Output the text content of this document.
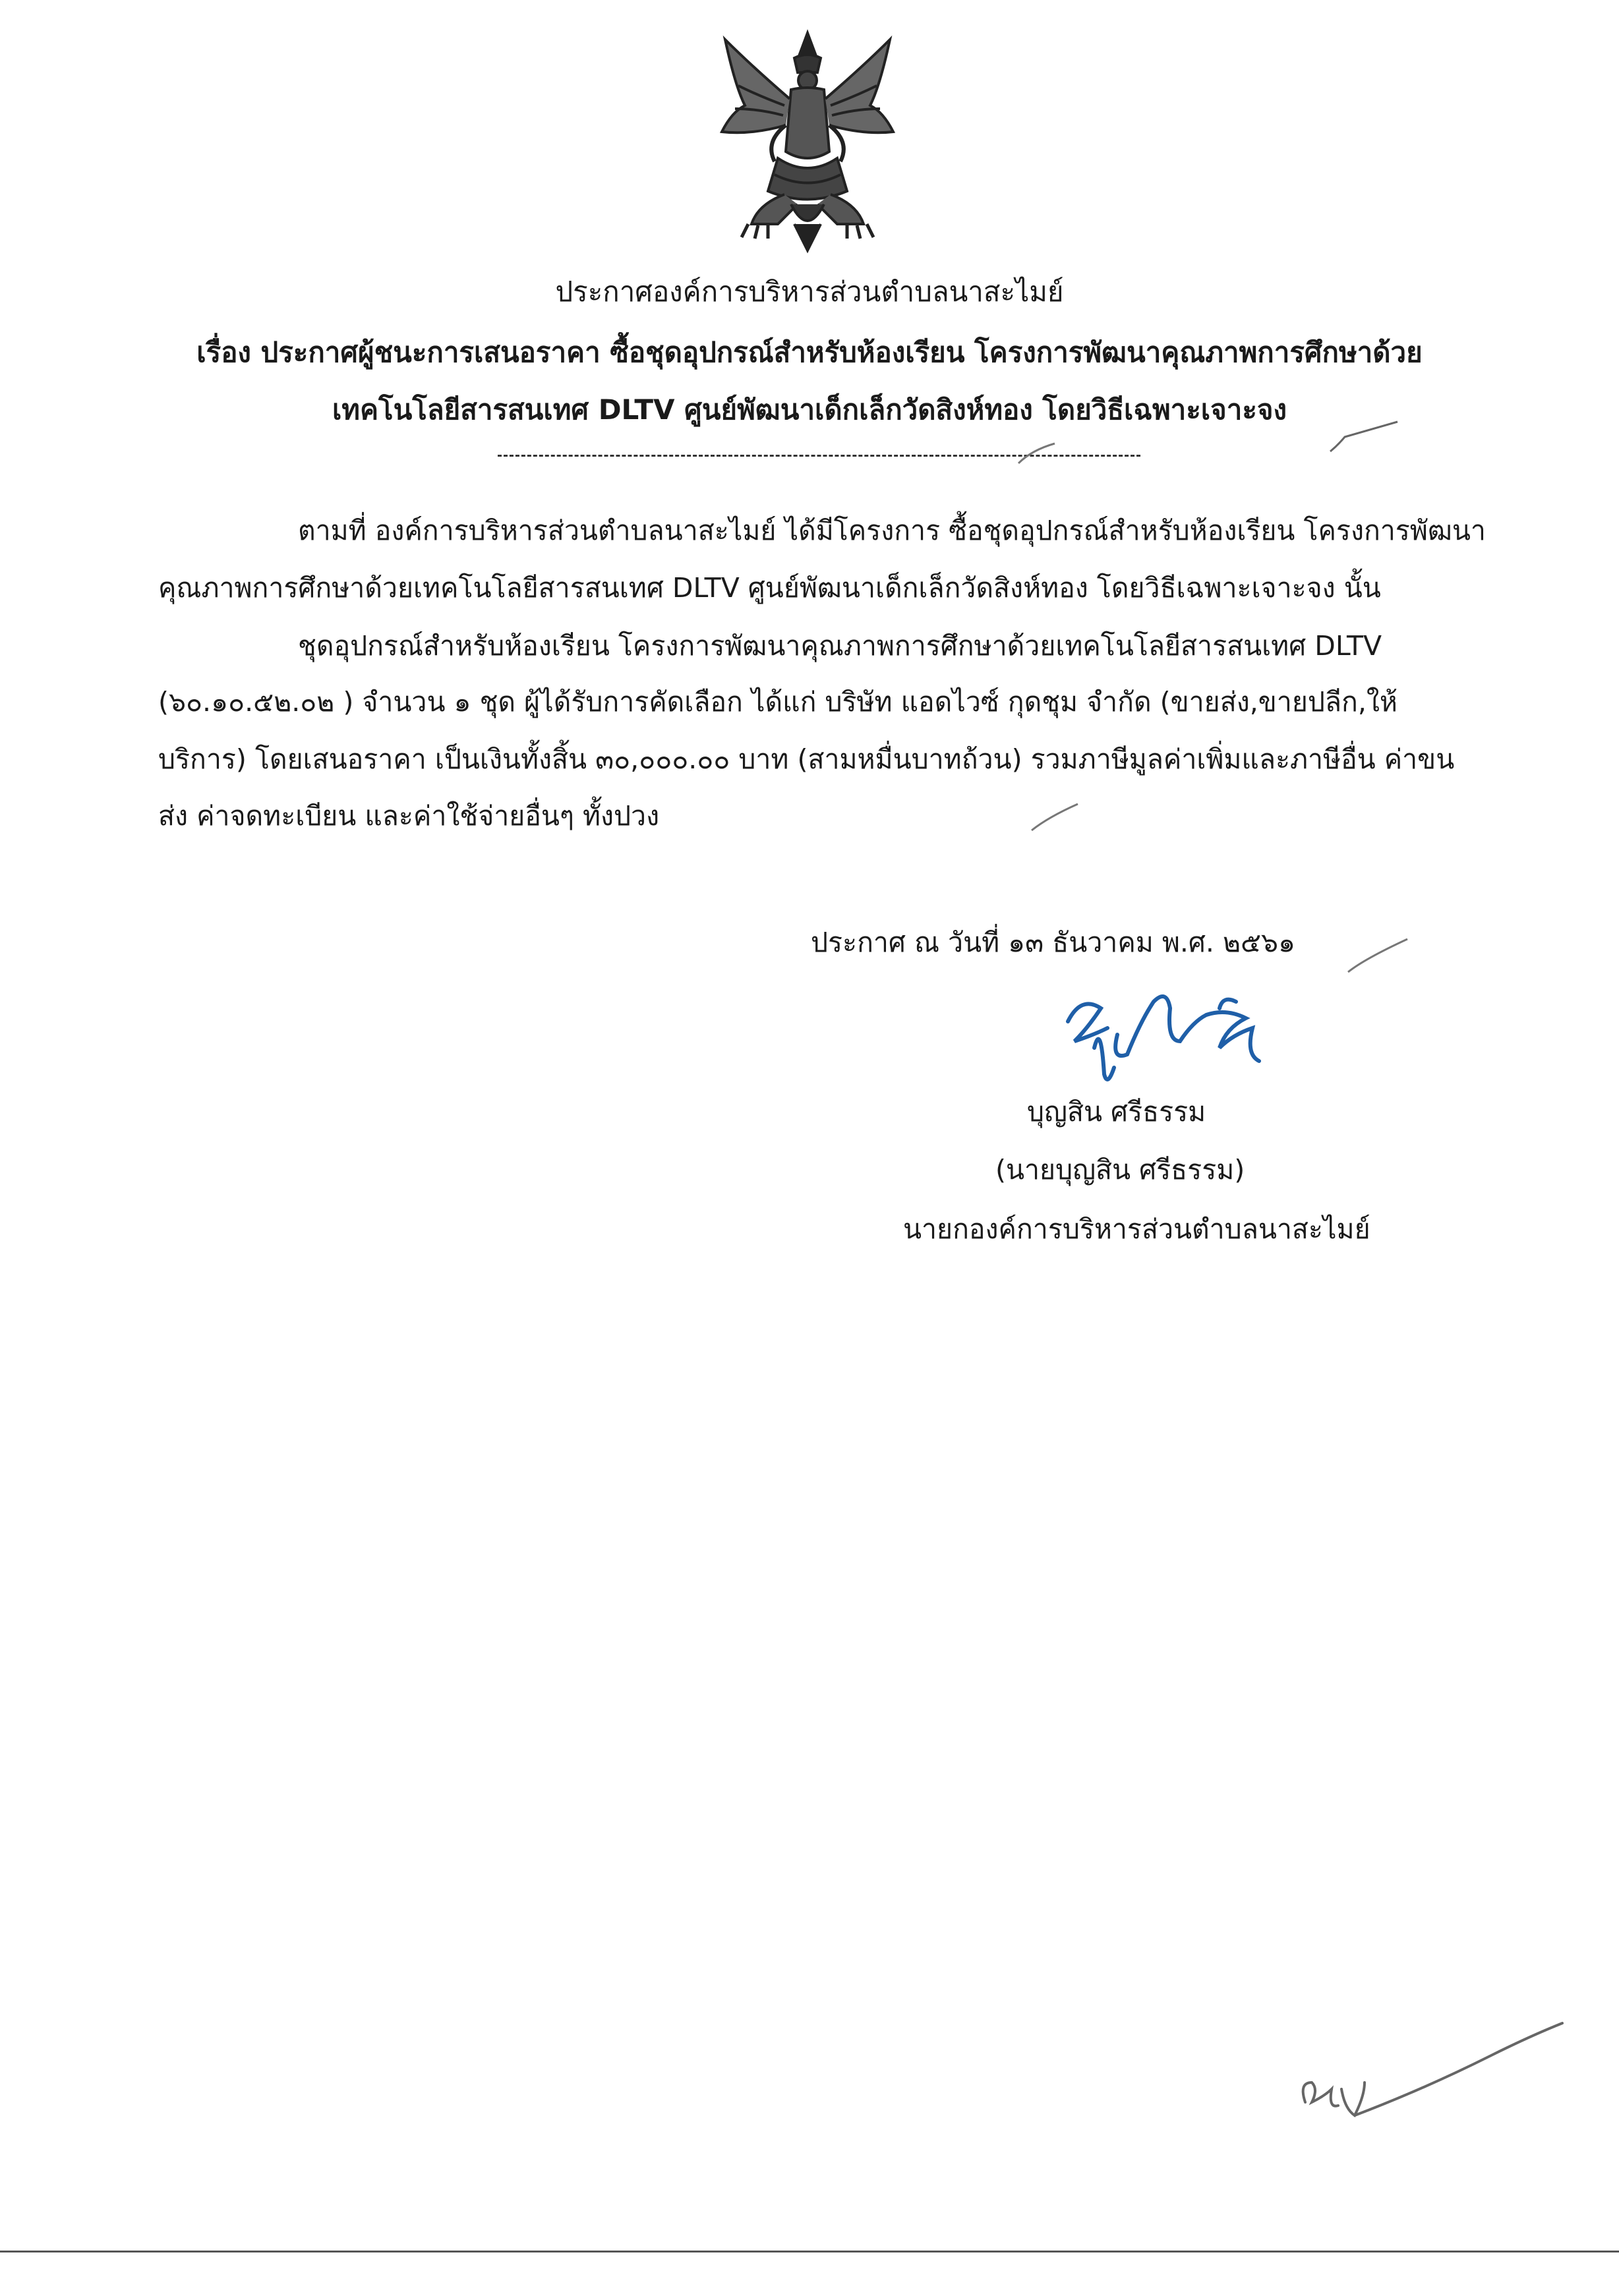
ประกาศองค์การบริหารส่วนตำบลนาสะไมย์
เรื่อง ประกาศผู้ชนะการเสนอราคา ซื้อชุดอุปกรณ์สำหรับห้องเรียน โครงการพัฒนาคุณภาพการศึกษาด้วย
เทคโนโลยีสารสนเทศ DLTV ศูนย์พัฒนาเด็กเล็กวัดสิงห์ทอง โดยวิธีเฉพาะเจาะจง
ตามที่ องค์การบริหารส่วนตำบลนาสะไมย์ ได้มีโครงการ ซื้อชุดอุปกรณ์สำหรับห้องเรียน โครงการพัฒนา
คุณภาพการศึกษาด้วยเทคโนโลยีสารสนเทศ DLTV ศูนย์พัฒนาเด็กเล็กวัดสิงห์ทอง โดยวิธีเฉพาะเจาะจง นั้น
ชุดอุปกรณ์สำหรับห้องเรียน โครงการพัฒนาคุณภาพการศึกษาด้วยเทคโนโลยีสารสนเทศ DLTV
(๖๐.๑๐.๕๒.๐๒ ) จำนวน ๑ ชุด ผู้ได้รับการคัดเลือก ได้แก่ บริษัท แอดไวซ์ กุดชุม จำกัด (ขายส่ง,ขายปลีก,ให้
บริการ) โดยเสนอราคา เป็นเงินทั้งสิ้น ๓๐,๐๐๐.๐๐ บาท (สามหมื่นบาทถ้วน) รวมภาษีมูลค่าเพิ่มและภาษีอื่น ค่าขน
ส่ง ค่าจดทะเบียน และค่าใช้จ่ายอื่นๆ ทั้งปวง
ประกาศ ณ วันที่ ๑๓ ธันวาคม พ.ศ. ๒๕๖๑
บุญสิน ศรีธรรม
(นายบุญสิน ศรีธรรม)
นายกองค์การบริหารส่วนตำบลนาสะไมย์
